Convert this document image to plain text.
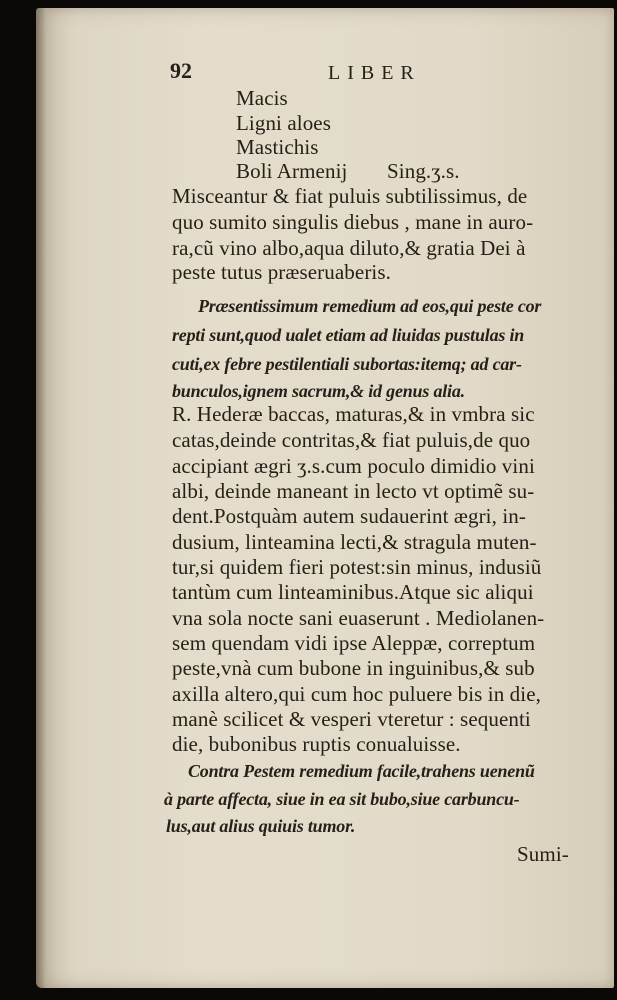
92	LIBER
Macis
Ligni aloes
Mastichis
Boli Armenij Sing.ʒ.s.
Misceantur & fiat puluis subtilissimus, de
quo sumito singulis diebus , mane in auro-
ra,cũ vino albo,aqua diluto,& gratia Dei à
peste tutus præseruaberis.
Præsentissimum remedium ad eos,qui peste cor
repti sunt,quod ualet etiam ad liuidas pustulas in
cuti,ex febre pestilentiali subortas:itemq; ad car-
bunculos,ignem sacrum,& id genus alia.
R. Hederæ baccas, maturas,& in vmbra sic
catas,deinde contritas,& fiat puluis,de quo
accipiant ægri ʒ.s.cum poculo dimidio vini
albi, deinde maneant in lecto vt optimẽ su-
dent.Postquàm autem sudauerint ægri, in-
dusium, linteamina lecti,& stragula muten-
tur,si quidem fieri potest:sin minus, indusiũ
tantùm cum linteaminibus.Atque sic aliqui
vna sola nocte sani euaserunt . Mediolanen-
sem quendam vidi ipse Aleppæ, correptum
peste,vnà cum bubone in inguinibus,& sub
axilla altero,qui cum hoc puluere bis in die,
manè scilicet & vesperi vteretur : sequenti
die, bubonibus ruptis conualuisse.
Contra Pestem remedium facile,trahens uenenũ
à parte affecta, siue in ea sit bubo,siue carbuncu-
lus,aut alius quiuis tumor.
Sumi-
